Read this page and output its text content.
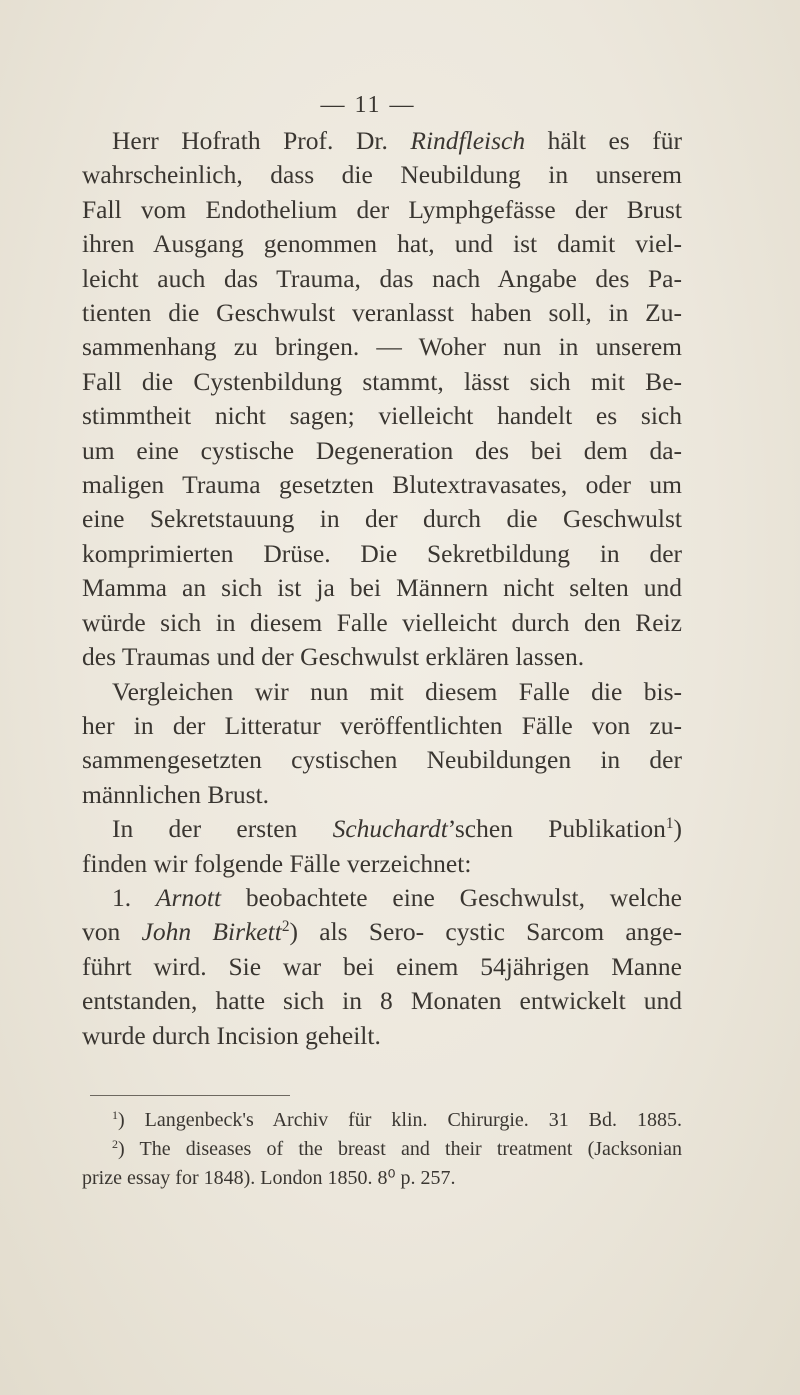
— 11 —
Herr Hofrath Prof. Dr. Rindfleisch hält es für
wahrscheinlich, dass die Neubildung in unserem
Fall vom Endothelium der Lymphgefässe der Brust
ihren Ausgang genommen hat, und ist damit viel-
leicht auch das Trauma, das nach Angabe des Pa-
tienten die Geschwulst veranlasst haben soll, in Zu-
sammenhang zu bringen. — Woher nun in unserem
Fall die Cystenbildung stammt, lässt sich mit Be-
stimmtheit nicht sagen; vielleicht handelt es sich
um eine cystische Degeneration des bei dem da-
maligen Trauma gesetzten Blutextravasates, oder um
eine Sekretstauung in der durch die Geschwulst
komprimierten Drüse. Die Sekretbildung in der
Mamma an sich ist ja bei Männern nicht selten und
würde sich in diesem Falle vielleicht durch den Reiz
des Traumas und der Geschwulst erklären lassen.
Vergleichen wir nun mit diesem Falle die bis-
her in der Litteratur veröffentlichten Fälle von zu-
sammengesetzten cystischen Neubildungen in der
männlichen Brust.
In der ersten Schuchardt’schen Publikation$^1$)
finden wir folgende Fälle verzeichnet:
1. Arnott beobachtete eine Geschwulst, welche
von John Birkett$^2$) als Sero- cystic Sarcom ange-
führt wird. Sie war bei einem 54jährigen Manne
entstanden, hatte sich in 8 Monaten entwickelt und
wurde durch Incision geheilt.
$^1$) Langenbeck's Archiv für klin. Chirurgie. 31 Bd. 1885.
$^2$) The diseases of the breast and their treatment (Jacksonian
prize essay for 1848). London 1850. 8⁰ p. 257.
